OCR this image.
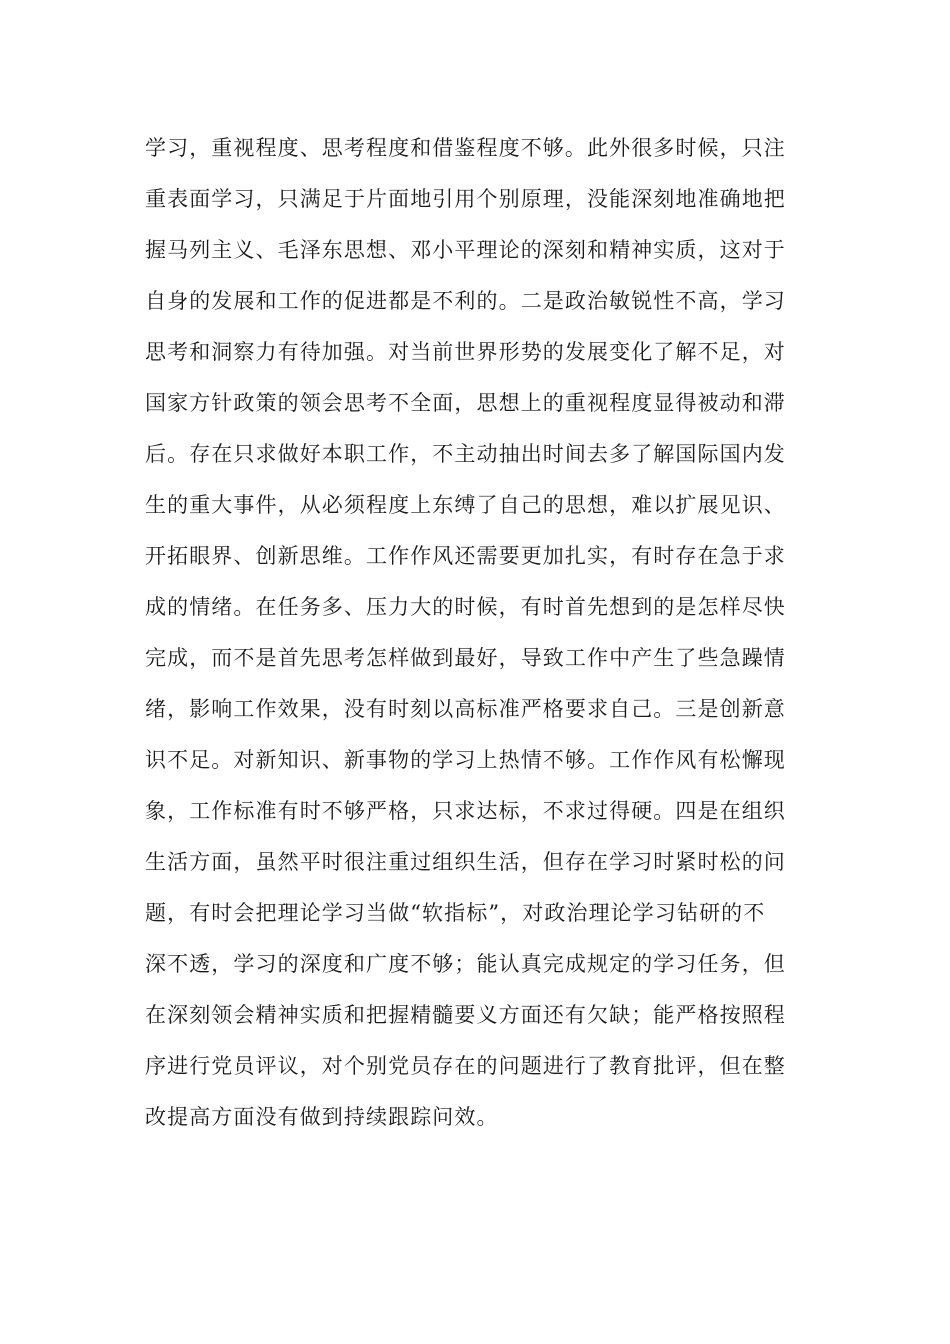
学习，重视程度、思考程度和借鉴程度不够。此外很多时候，只注
重表面学习，只满足于片面地引用个别原理，没能深刻地准确地把
握马列主义、毛泽东思想、邓小平理论的深刻和精神实质，这对于
自身的发展和工作的促进都是不利的。二是政治敏锐性不高，学习
思考和洞察力有待加强。对当前世界形势的发展变化了解不足，对
国家方针政策的领会思考不全面，思想上的重视程度显得被动和滞
后。存在只求做好本职工作，不主动抽出时间去多了解国际国内发
生的重大事件，从必须程度上东缚了自己的思想，难以扩展见识、
开拓眼界、创新思维。工作作风还需要更加扎实，有时存在急于求
成的情绪。在任务多、压力大的时候，有时首先想到的是怎样尽快
完成，而不是首先思考怎样做到最好，导致工作中产生了些急躁情
绪，影响工作效果，没有时刻以高标准严格要求自己。三是创新意
识不足。对新知识、新事物的学习上热情不够。工作作风有松懈现
象，工作标准有时不够严格，只求达标，不求过得硬。四是在组织
生活方面，虽然平时很注重过组织生活，但存在学习时紧时松的问
题，有时会把理论学习当做“软指标”，对政治理论学习钻研的不
深不透，学习的深度和广度不够；能认真完成规定的学习任务，但
在深刻领会精神实质和把握精髓要义方面还有欠缺；能严格按照程
序进行党员评议，对个别党员存在的问题进行了教育批评，但在整
改提高方面没有做到持续跟踪问效。
